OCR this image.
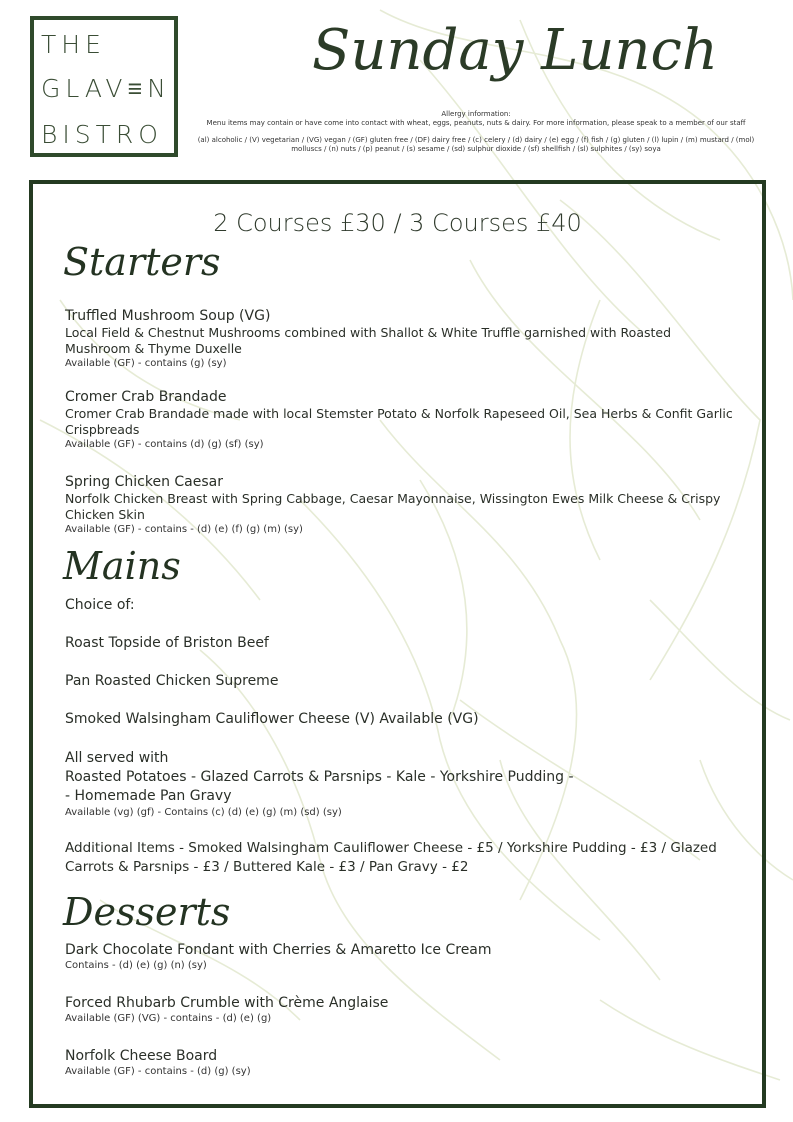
THE
GLAV≡N
BISTRO
Sunday Lunch
Allergy information:
Menu items may contain or have come into contact with wheat, eggs, peanuts, nuts & dairy. For more information, please speak to a member of our staff
(al) alcoholic / (V) vegetarian / (VG) vegan / (GF) gluten free / (DF) dairy free / (c) celery / (d) dairy / (e) egg / (f) fish / (g) gluten / (l) lupin / (m) mustard / (mol) molluscs / (n) nuts / (p) peanut / (s) sesame / (sd) sulphur dioxide / (sf) shellfish / (sl) sulphites / (sy) soya
2 Courses £30 / 3 Courses £40
Starters
Truffled Mushroom Soup (VG)
Local Field & Chestnut Mushrooms combined with Shallot & White Truffle garnished with Roasted Mushroom & Thyme Duxelle
Available (GF) - contains (g) (sy)
Cromer Crab Brandade
Cromer Crab Brandade made with local Stemster Potato & Norfolk Rapeseed Oil, Sea Herbs & Confit Garlic Crispbreads
Available (GF) - contains (d) (g) (sf) (sy)
Spring Chicken Caesar
Norfolk Chicken Breast with Spring Cabbage, Caesar Mayonnaise, Wissington Ewes Milk Cheese & Crispy Chicken Skin
Available (GF) - contains - (d) (e) (f) (g) (m) (sy)
Mains
Choice of:
Roast Topside of Briston Beef
Pan Roasted Chicken Supreme
Smoked Walsingham Cauliflower Cheese (V) Available (VG)
All served with
Roasted Potatoes - Glazed Carrots & Parsnips - Kale - Yorkshire Pudding -
- Homemade Pan Gravy
Available (vg) (gf) - Contains (c) (d) (e) (g) (m) (sd) (sy)
Additional Items - Smoked Walsingham Cauliflower Cheese - £5 / Yorkshire Pudding - £3 / Glazed Carrots & Parsnips - £3 / Buttered Kale - £3 / Pan Gravy - £2
Desserts
Dark Chocolate Fondant with Cherries & Amaretto Ice Cream
Contains - (d) (e) (g) (n) (sy)
Forced Rhubarb Crumble with Crème Anglaise
Available (GF) (VG) - contains - (d) (e) (g)
Norfolk Cheese Board
Available (GF) - contains - (d) (g) (sy)
